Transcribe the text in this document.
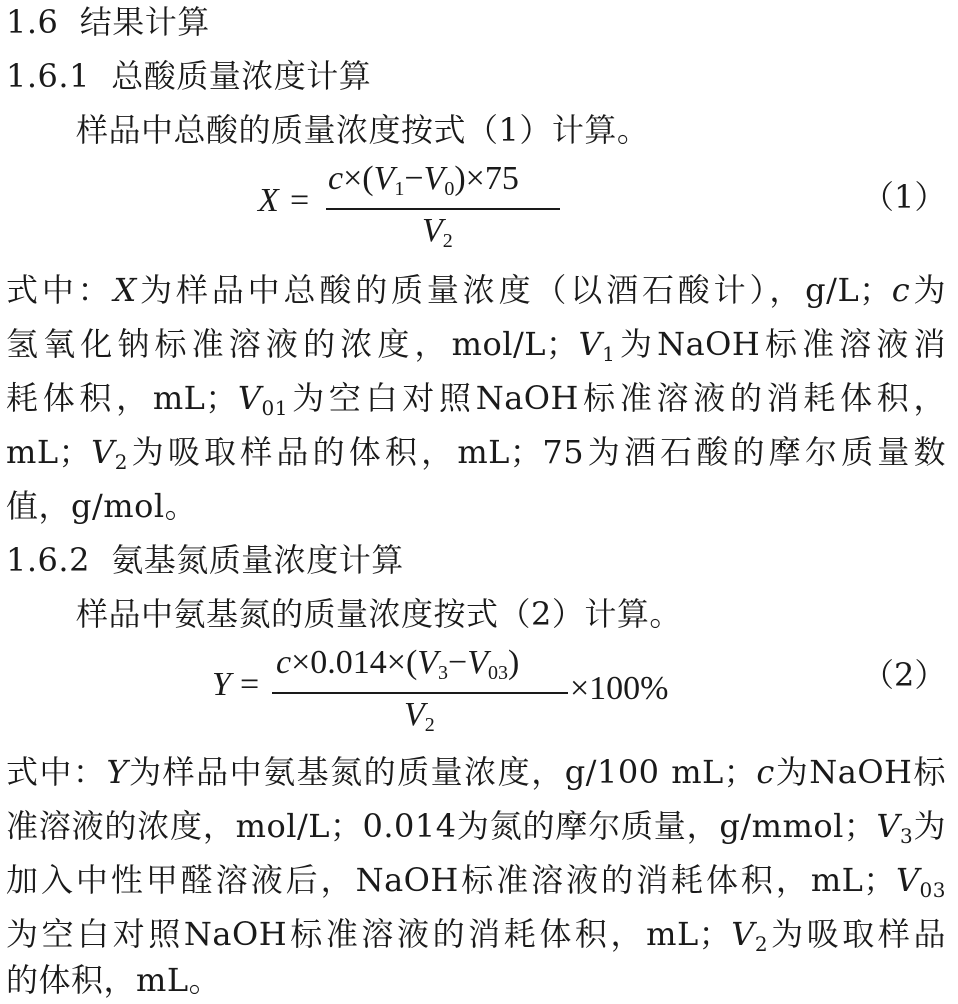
1.6 结果计算
1.6.1 总酸质量浓度计算
样品中总酸的质量浓度按式（1）计算。
X =
$c\times(V_1-V_0)\times 75$
$V_2$
（1）
式中：X为样品中总酸的质量浓度（以酒石酸计），g/L；c为
氢氧化钠标准溶液的浓度，mol/L；$V_1$为NaOH标准溶液消
耗体积，mL；$V_{01}$为空白对照NaOH标准溶液的消耗体积，
mL；$V_2$为吸取样品的体积，mL；75为酒石酸的摩尔质量数
值，g/mol。
1.6.2 氨基氮质量浓度计算
样品中氨基氮的质量浓度按式（2）计算。
Y =
$c\times 0.014\times(V_3-V_{03})$
$V_2$
×100%	（2）
式中：Y为样品中氨基氮的质量浓度，g/100 mL；c为NaOH标
准溶液的浓度，mol/L；0.014为氮的摩尔质量，g/mmol；$V_3$为
加入中性甲醛溶液后，NaOH标准溶液的消耗体积，mL；$V_{03}$
为空白对照NaOH标准溶液的消耗体积，mL；$V_2$为吸取样品
的体积，mL。
